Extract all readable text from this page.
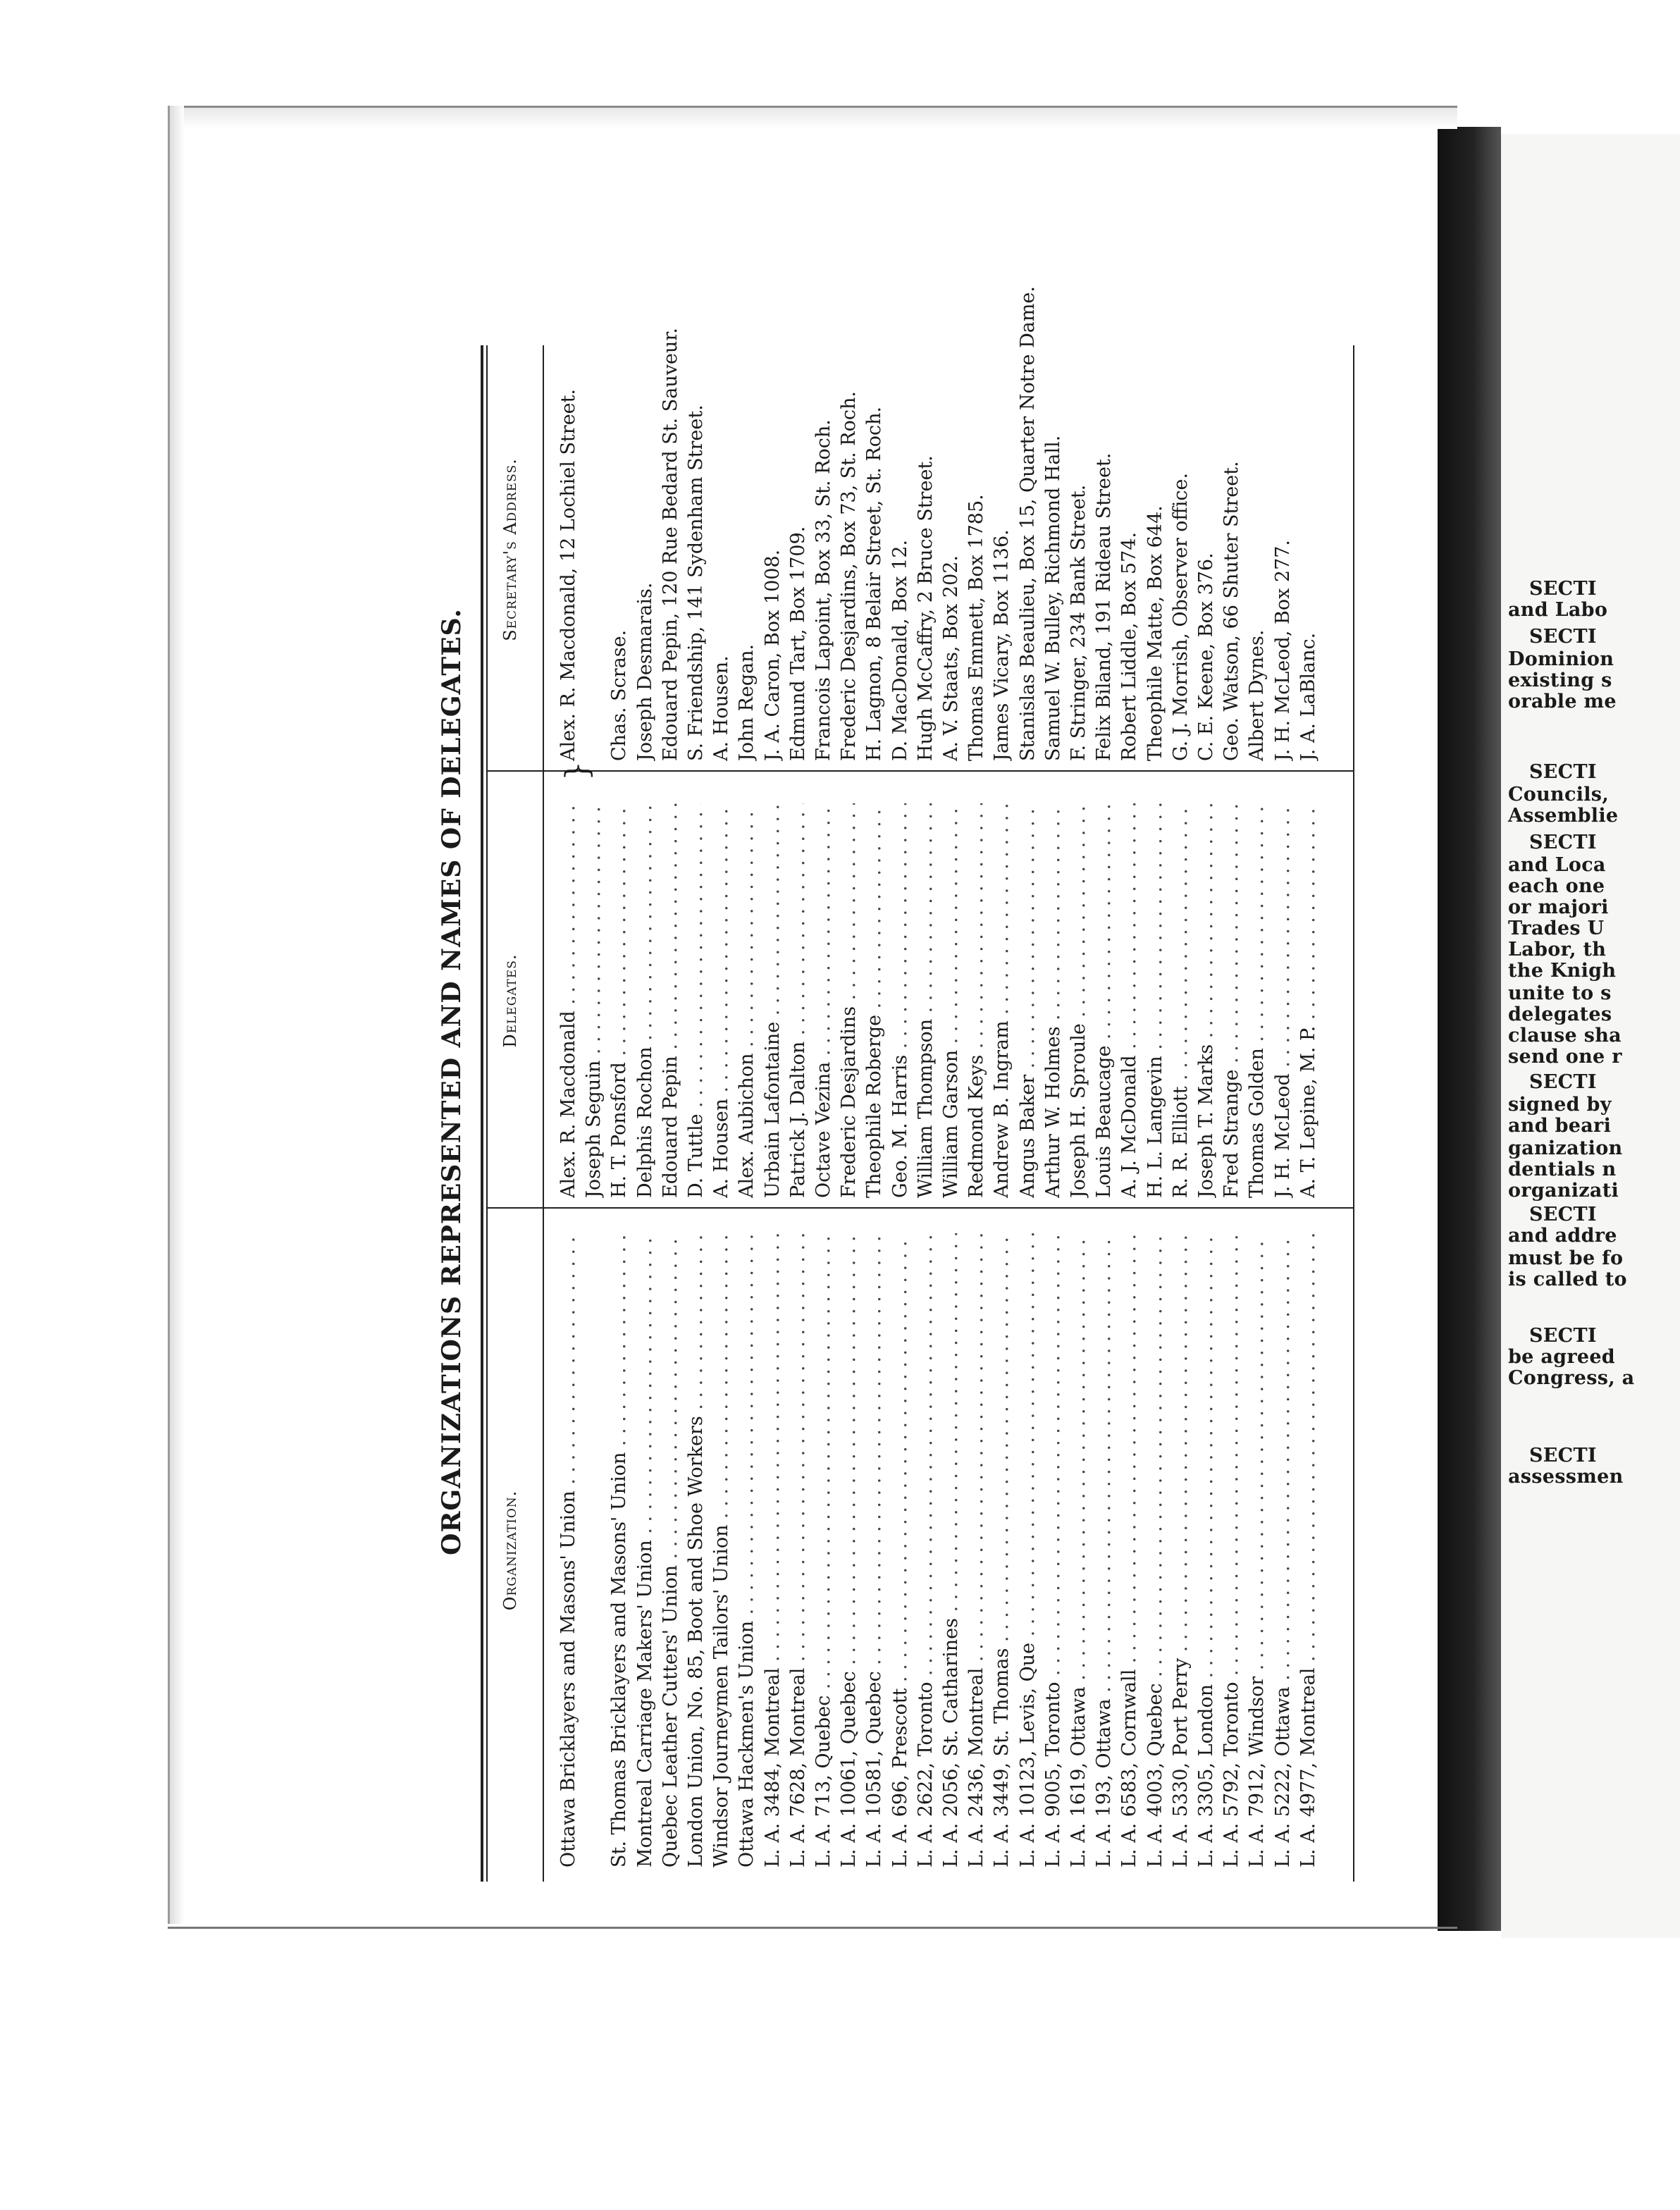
SECTI
and Labo
SECTI
Dominion
existing s
orable me
SECTI
Councils,
Assemblie
SECTI
and Loca
each one
or majori
Trades U
Labor, th
the Knigh
unite to s
delegates
clause sha
send one r
SECTI
signed by
and beari
ganization
dentials n
organizati
SECTI
and addre
must be fo
is called to
SECTI
be agreed
Congress, a
SECTI
assessmen
ORGANIZATIONS REPRESENTED AND NAMES OF DELEGATES. Organization.
Delegates.
Secretary's Address.
Ottawa Bricklayers and Masons' Union . . .
Alex. R. Macdonald . . .
Alex. R. Macdonald, 12 Lochiel Street.
}
Joseph Seguin . . .
St. Thomas Bricklayers and Masons' Union . . .
H. T. Ponsford . . .
Chas. Scrase.
Montreal Carriage Makers' Union . . .
Delphis Rochon . . .
Joseph Desmarais.
Quebec Leather Cutters' Union . . .
Edouard Pepin . . .
Edouard Pepin, 120 Rue Bedard St. Sauveur.
London Union, No. 85, Boot and Shoe Workers . . .
D. Tuttle . . .
S. Friendship, 141 Sydenham Street.
Windsor Journeymen Tailors' Union . . .
A. Housen . . .
A. Housen.
Ottawa Hackmen's Union . . .
Alex. Aubichon . . .
John Regan.
L. A. 3484, Montreal . . .
Urbain Lafontaine . . .
J. A. Caron, Box 1008.
L. A. 7628, Montreal . . .
Patrick J. Dalton . . .
Edmund Tart, Box 1709.
L. A. 713, Quebec . . .
Octave Vezina . . .
Francois Lapoint, Box 33, St. Roch.
L. A. 10061, Quebec . . .
Frederic Desjardins . . .
Frederic Desjardins, Box 73, St. Roch.
L. A. 10581, Quebec . . .
Theophile Roberge . . .
H. Lagnon, 8 Belair Street, St. Roch.
L. A. 696, Prescott . . .
Geo. M. Harris . . .
D. MacDonald, Box 12.
L. A. 2622, Toronto . . .
William Thompson . . .
Hugh McCaffry, 2 Bruce Street.
L. A. 2056, St. Catharines . . .
William Garson . . .
A. V. Staats, Box 202.
L. A. 2436, Montreal . . .
Redmond Keys . . .
Thomas Emmett, Box 1785.
L. A. 3449, St. Thomas . . .
Andrew B. Ingram . . .
James Vicary, Box 1136.
L. A. 10123, Levis, Que . . .
Angus Baker . . .
Stanislas Beaulieu, Box 15, Quarter Notre Dame.
L. A. 9005, Toronto . . .
Arthur W. Holmes . . .
Samuel W. Bulley, Richmond Hall.
L. A. 1619, Ottawa . . .
Joseph H. Sproule . . .
F. Stringer, 234 Bank Street.
L. A. 193, Ottawa . . .
Louis Beaucage . . .
Felix Biland, 191 Rideau Street.
L. A. 6583, Cornwall . . .
A. J. McDonald . . .
Robert Liddle, Box 574.
L. A. 4003, Quebec . . .
H. L. Langevin . . .
Theophile Matte, Box 644.
L. A. 5330, Port Perry . . .
R. R. Elliott . . .
G. J. Morrish, Observer office.
L. A. 3305, London . . .
Joseph T. Marks . . .
C. E. Keene, Box 376.
L. A. 5792, Toronto . . .
Fred Strange . . .
Geo. Watson, 66 Shuter Street.
L. A. 7912, Windsor . . .
Thomas Golden . . .
Albert Dynes.
L. A. 5222, Ottawa . . .
J. H. McLeod . . .
J. H. McLeod, Box 277.
L. A. 4977, Montreal . . .
A. T. Lepine, M. P. . . .
J. A. LaBlanc.
